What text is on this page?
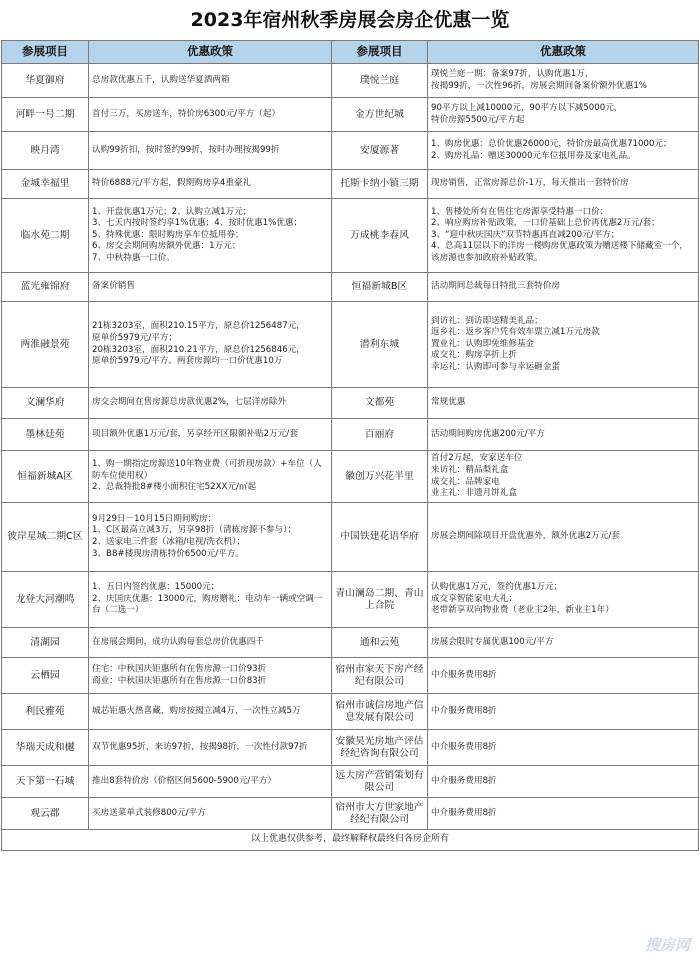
2023年宿州秋季房展会房企优惠一览
参展项目	优惠政策	参展项目	优惠政策
华夏御府	总房款优惠五千，认购送华夏酒两箱	璞悦兰庭	璞悦兰庭一期：备案97折，认购优惠1万，
按揭99折，一次性96折，房展会期间备案价额外优惠1%

河畔一号二期	首付三万，买房送车，特价房6300元/平方（起）	金方世纪城	90平方以上减10000元，90平方以下减5000元，
特价房源5500元/平方起

映月湾	认购99折扣，按时签约99折，按时办理按揭99折	安厦源著	1、购房优惠：总价优惠26000元，特价房最高优惠71000元；
2、购房礼品：赠送30000元车位抵用券及家电礼品。

金城幸福里	特价6888元/平方起，假期购房享4重豪礼	托斯卡纳小镇三期	现房销售，正常房源总价-1万，每天推出一套特价房

临水苑二期	1、开盘优惠1万元；2、认购立减1万元；
3、七天内按时签约享1%优惠；4、按时优惠1%优惠；
5、特殊优惠：限时购房享车位抵用券；
6、房交会期间购房额外优惠：1万元；
7、中秋特惠一口价。	万成桃李春风	1、售楼处所有在售住宅房源享受特惠一口价；
2、响应购房补贴政策，一口价基础上总价再优惠2万元/套；
3、“迎中秋庆国庆”双节特惠再直减200元/平方；
4、总高11层以下的洋房一楼购房优惠政策为赠送楼下储藏室一个，该房源也参加政府补贴政策。

蓝光雍锦府	备案价销售	恒福新城B区	活动期间总裁每日特批三套特价房

两淮融景苑	21栋3203室，面积210.15平方，原总价1256487元，
原单价5979元/平方；
20栋3203室，面积210.21平方，原总价1256846元，
原单价5979元/平方。两套房源均一口价优惠10万	潜利东城	到访礼：到访即送精美礼品；
返乡礼：返乡客户凭有效车票立减1万元房款
置业礼：认购即免维修基金
成交礼：购房享折上折
幸运礼：认购即可参与幸运砸金蛋

文澜华府	房交会期间在售房源总房款优惠2%，七层洋房除外	文都苑	常规优惠

墨林廷苑	项目额外优惠1万元/套，另享经开区限额补贴2万元/套	百丽府	活动期间购房优惠200元/平方

恒福新城A区	1、购一期指定房源送10年物业费（可折现房款）+车位（人防车位使用权）
2、总裁特批8#楼小面积住宅52XX元/㎡起	徽创万兴花半里	首付2万起，安家送车位
来访礼：精品梨礼盒
成交礼：品牌家电
业主礼：非遗月饼礼盒

彼岸星城二期C区	9月29日－10月15日期间购房：
1、C区最高立减3万，另享98折（清栋房源不参与）；
2、送家电三件套（冰箱/电视/洗衣机）；
3、B8#楼现房清栋特价6500元/平方。	中国铁建花语华府	房展会期间除项目开盘优惠外，额外优惠2万元/套

龙登大河潮鸣	1、五日内签约优惠：15000元；
2、庆国庆优惠：13000元，购房赠礼：电动车一辆或空调一台（二选一）	青山澜岛二期、青山上合院	认购优惠1万元，签约优惠1万元；
成交享智能家电大礼；
老带新享双向物业费（老业主2年，新业主1年）

清湖园	在房展会期间，成功认购每套总房价优惠四千	通和云苑	房展会限时专属优惠100元/平方

云栖园	住宅：中秋国庆钜惠所有在售房源一口价93折
商业：中秋国庆钜惠所有在售房源一口价83折	宿州市家天下房产经纪有限公司	中介服务费用8折

利民雅苑	城芯钜惠火热喜藏，购房按揭立减4万，一次性立减5万	宿州市诚信房地产信息发展有限公司	中介服务费用8折

华瑞天成和樾	双节优惠95折，来访97折，按揭98折，一次性付款97折	安徽昊光房地产评估经纪咨询有限公司	中介服务费用8折

天下第一石城	推出8套特价房（价格区间5600-5900元/平方）	远大房产营销策划有限公司	中介服务费用8折

观云郡	买房送菜单式装修800元/平方	宿州市大方世家地产经纪有限公司	中介服务费用8折

以上优惠仅供参考，最终解释权最终归各房企所有			
搜房网
